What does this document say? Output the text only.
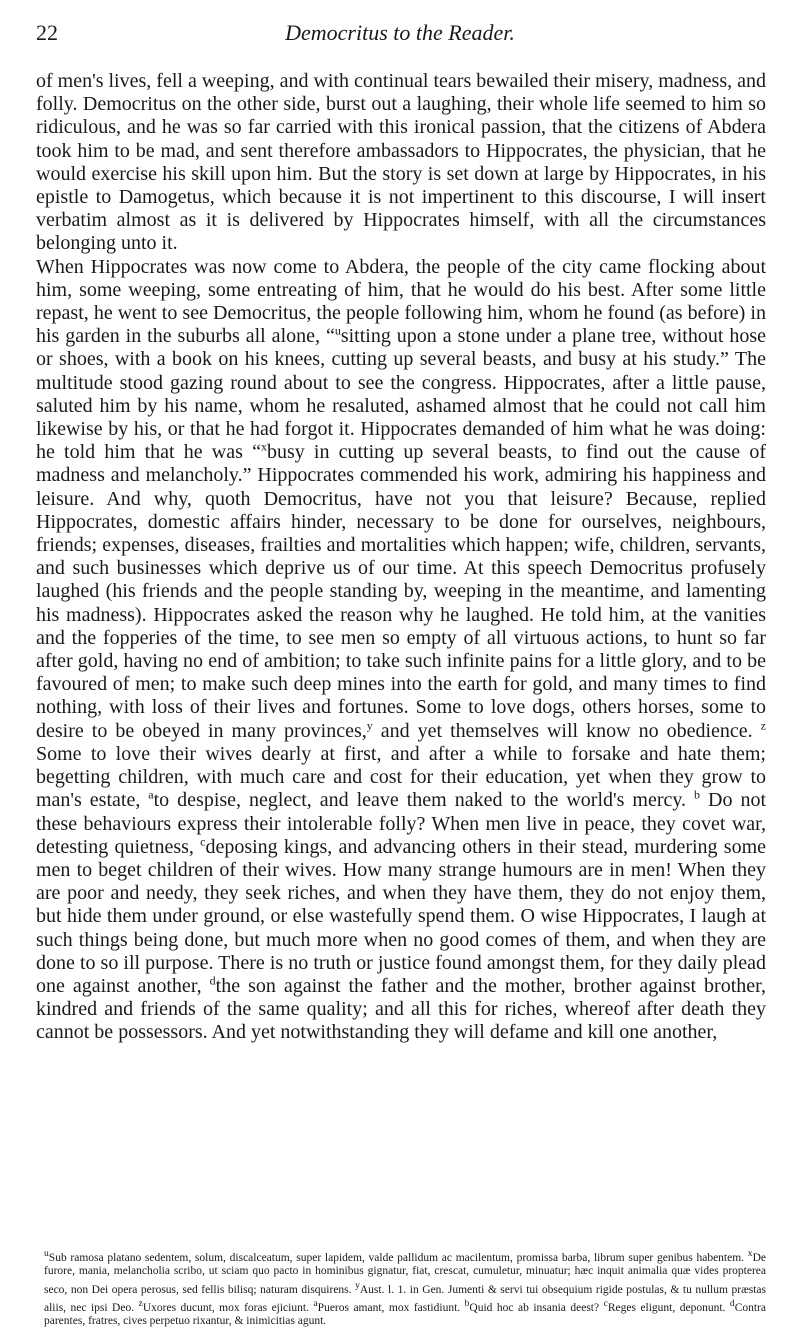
22	Democritus to the Reader.

of men's lives, fell a weeping, and with continual tears bewailed their misery, madness, and folly. Democritus on the other side, burst out a laughing, their whole life seemed to him so ridiculous, and he was so far carried with this ironical passion, that the citizens of Abdera took him to be mad, and sent therefore ambassadors to Hippocrates, the physician, that he would exercise his skill upon him. But the story is set down at large by Hippocrates, in his epistle to Damogetus, which because it is not impertinent to this discourse, I will insert verbatim almost as it is delivered by Hippocrates himself, with all the circumstances belonging unto it.

When Hippocrates was now come to Abdera, the people of the city came flocking about him, some weeping, some entreating of him, that he would do his best. After some little repast, he went to see Democritus, the people following him, whom he found (as before) in his garden in the suburbs all alone, “$^u$sitting upon a stone under a plane tree, without hose or shoes, with a book on his knees, cutting up several beasts, and busy at his study.” The multitude stood gazing round about to see the congress. Hippocrates, after a little pause, saluted him by his name, whom he resaluted, ashamed almost that he could not call him likewise by his, or that he had forgot it. Hippocrates demanded of him what he was doing: he told him that he was “$^x$busy in cutting up several beasts, to find out the cause of madness and melancholy.” Hippocrates commended his work, admiring his happiness and leisure. And why, quoth Democritus, have not you that leisure? Because, replied Hippocrates, domestic affairs hinder, necessary to be done for ourselves, neighbours, friends; expenses, diseases, frailties and mortalities which happen; wife, children, servants, and such businesses which deprive us of our time. At this speech Democritus profusely laughed (his friends and the people standing by, weeping in the meantime, and lamenting his madness). Hippocrates asked the reason why he laughed. He told him, at the vanities and the fopperies of the time, to see men so empty of all virtuous actions, to hunt so far after gold, having no end of ambition; to take such infinite pains for a little glory, and to be favoured of men; to make such deep mines into the earth for gold, and many times to find nothing, with loss of their lives and fortunes. Some to love dogs, others horses, some to desire to be obeyed in many provinces,$^y$ and yet themselves will know no obedience. $^z$ Some to love their wives dearly at first, and after a while to forsake and hate them; begetting children, with much care and cost for their education, yet when they grow to man's estate, $^a$to despise, neglect, and leave them naked to the world's mercy. $^b$ Do not these behaviours express their intolerable folly? When men live in peace, they covet war, detesting quietness, $^c$deposing kings, and advancing others in their stead, murdering some men to beget children of their wives. How many strange humours are in men! When they are poor and needy, they seek riches, and when they have them, they do not enjoy them, but hide them under ground, or else wastefully spend them. O wise Hippocrates, I laugh at such things being done, but much more when no good comes of them, and when they are done to so ill purpose. There is no truth or justice found amongst them, for they daily plead one against another, $^d$the son against the father and the mother, brother against brother, kindred and friends of the same quality; and all this for riches, whereof after death they cannot be possessors. And yet notwithstanding they will defame and kill one another,

$^u$Sub ramosa platano sedentem, solum, discalceatum, super lapidem, valde pallidum ac macilentum, promissa barba, librum super genibus habentem. $^x$De furore, mania, melancholia scribo, ut sciam quo pacto in hominibus gignatur, fiat, crescat, cumuletur, minuatur; hæc inquit animalia quæ vides propterea seco, non Dei opera perosus, sed fellis bilisq; naturam disquirens. $^y$Aust. l. 1. in Gen. Jumenti & servi tui obsequium rigide postulas, & tu nullum præstas aliis, nec ipsi Deo. $^z$Uxores ducunt, mox foras ejiciunt. $^a$Pueros amant, mox fastidiunt. $^b$Quid hoc ab insania deest? $^c$Reges eligunt, deponunt. $^d$Contra parentes, fratres, cives perpetuo rixantur, & inimicitias agunt.
